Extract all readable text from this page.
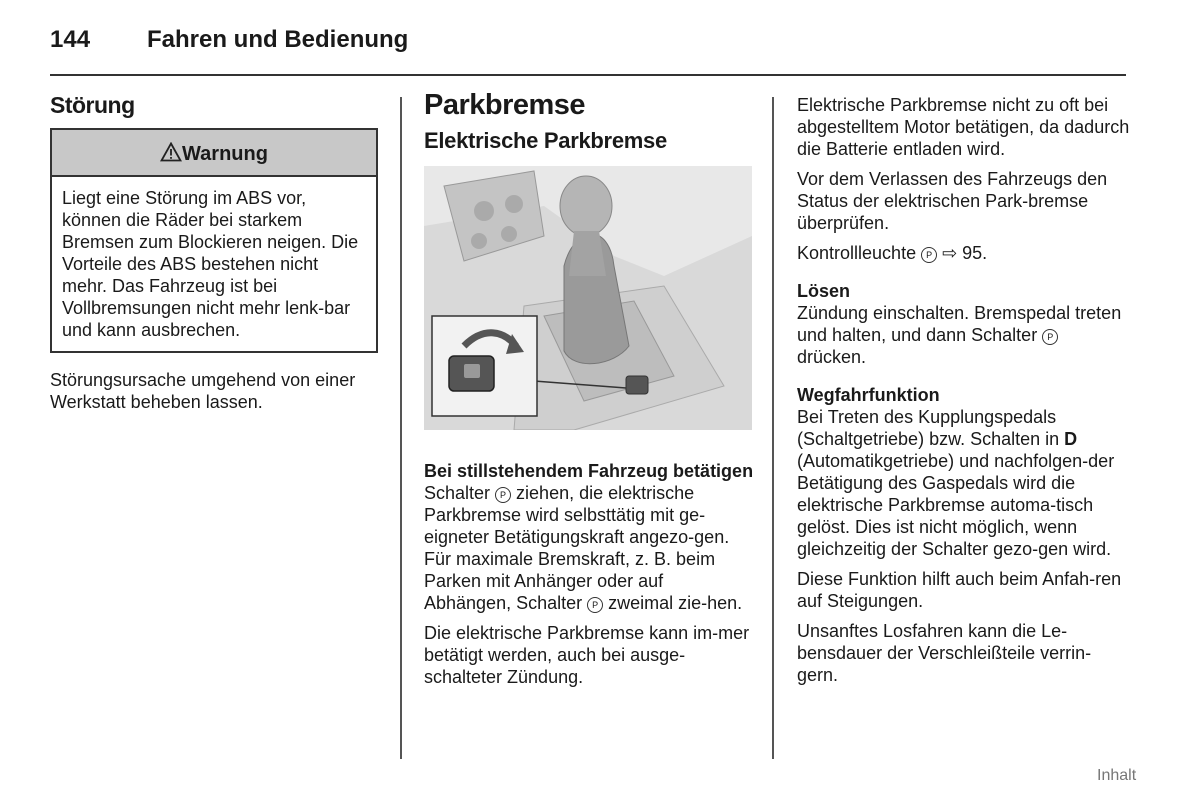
144 Fahren und Bedienung
Störung
Warnung
Liegt eine Störung im ABS vor, können die Räder bei starkem Bremsen zum Blockieren neigen. Die Vorteile des ABS bestehen nicht mehr. Das Fahrzeug ist bei Vollbremsungen nicht mehr lenk-bar und kann ausbrechen.

Störungsursache umgehend von einer Werkstatt beheben lassen.

Parkbremse
Elektrische Parkbremse
Bei stillstehendem Fahrzeug betätigen

Schalter P ziehen, die elektrische Parkbremse wird selbsttätig mit ge-eigneter Betätigungskraft angezo-gen. Für maximale Bremskraft, z. B. beim Parken mit Anhänger oder auf Abhängen, Schalter P zweimal zie-hen.

Die elektrische Parkbremse kann im-mer betätigt werden, auch bei ausge-schalteter Zündung.

Elektrische Parkbremse nicht zu oft bei abgestelltem Motor betätigen, da dadurch die Batterie entladen wird.

Vor dem Verlassen des Fahrzeugs den Status der elektrischen Park-bremse überprüfen.

Kontrollleuchte P ⇨ 95.

Lösen

Zündung einschalten. Bremspedal treten und halten, und dann Schalter P drücken.

Wegfahrfunktion

Bei Treten des Kupplungspedals (Schaltgetriebe) bzw. Schalten in D (Automatikgetriebe) und nachfolgen-der Betätigung des Gaspedals wird die elektrische Parkbremse automa-tisch gelöst. Dies ist nicht möglich, wenn gleichzeitig der Schalter gezo-gen wird.

Diese Funktion hilft auch beim Anfah-ren auf Steigungen.

Unsanftes Losfahren kann die Le-bensdauer der Verschleißteile verrin-gern.

Inhalt
